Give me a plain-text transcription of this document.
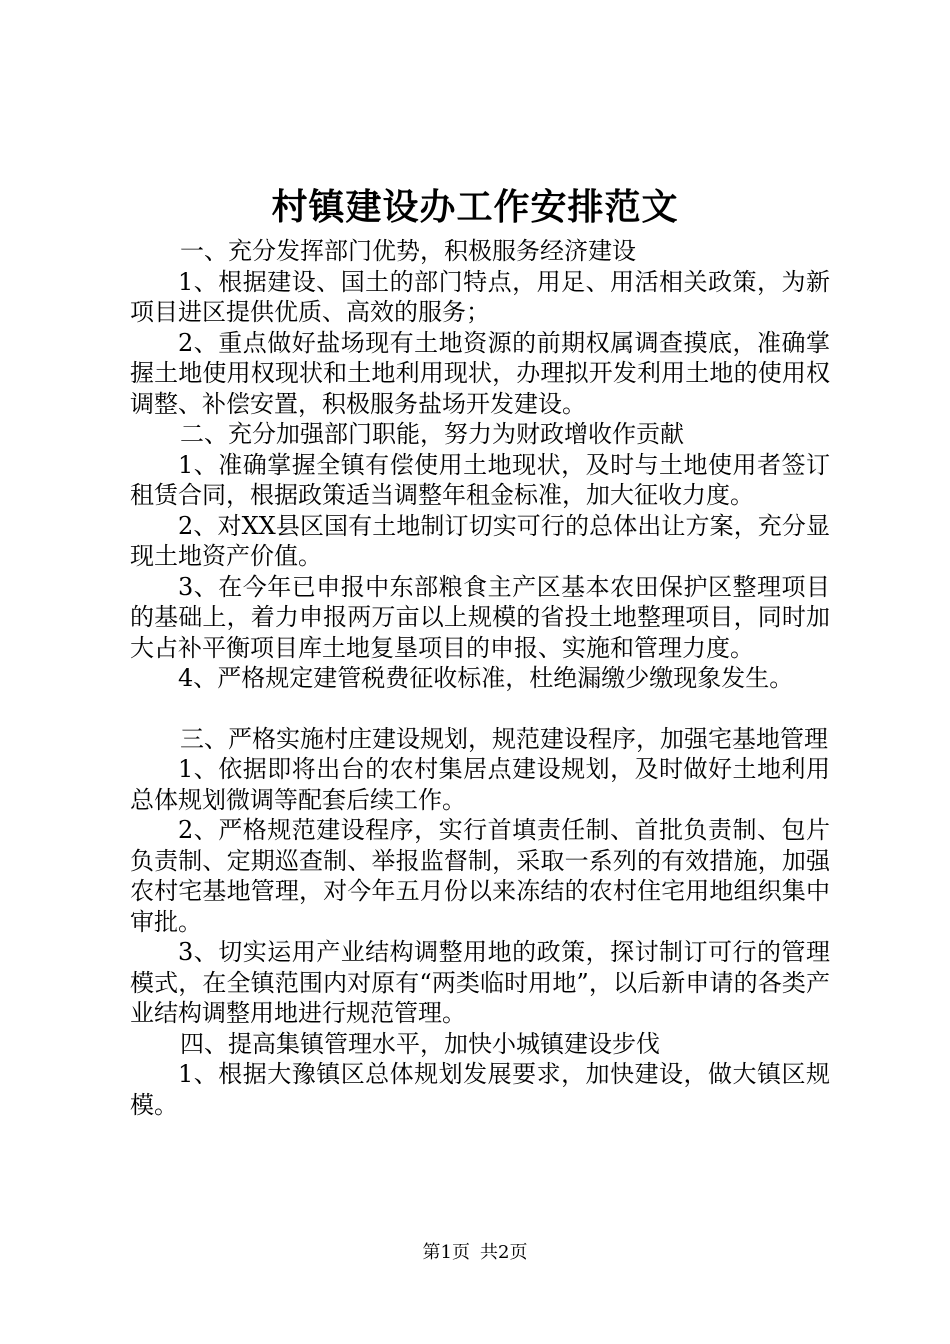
村镇建设办工作安排范文

一、充分发挥部门优势，积极服务经济建设

1、根据建设、国土的部门特点，用足、用活相关政策，为新项目进区提供优质、高效的服务；

2、重点做好盐场现有土地资源的前期权属调查摸底，准确掌握土地使用权现状和土地利用现状，办理拟开发利用土地的使用权调整、补偿安置，积极服务盐场开发建设。

二、充分加强部门职能，努力为财政增收作贡献

1、准确掌握全镇有偿使用土地现状，及时与土地使用者签订租赁合同，根据政策适当调整年租金标准，加大征收力度。

2、对XX县区国有土地制订切实可行的总体出让方案，充分显现土地资产价值。

3、在今年已申报中东部粮食主产区基本农田保护区整理项目的基础上，着力申报两万亩以上规模的省投土地整理项目，同时加大占补平衡项目库土地复垦项目的申报、实施和管理力度。

4、严格规定建管税费征收标准，杜绝漏缴少缴现象发生。

三、严格实施村庄建设规划，规范建设程序，加强宅基地管理

1、依据即将出台的农村集居点建设规划，及时做好土地利用总体规划微调等配套后续工作。

2、严格规范建设程序，实行首填责任制、首批负责制、包片负责制、定期巡查制、举报监督制，采取一系列的有效措施，加强农村宅基地管理，对今年五月份以来冻结的农村住宅用地组织集中审批。

3、切实运用产业结构调整用地的政策，探讨制订可行的管理模式，在全镇范围内对原有“两类临时用地”，以后新申请的各类产业结构调整用地进行规范管理。

四、提高集镇管理水平，加快小城镇建设步伐

1、根据大豫镇区总体规划发展要求，加快建设，做大镇区规模。

第1页 共2页
